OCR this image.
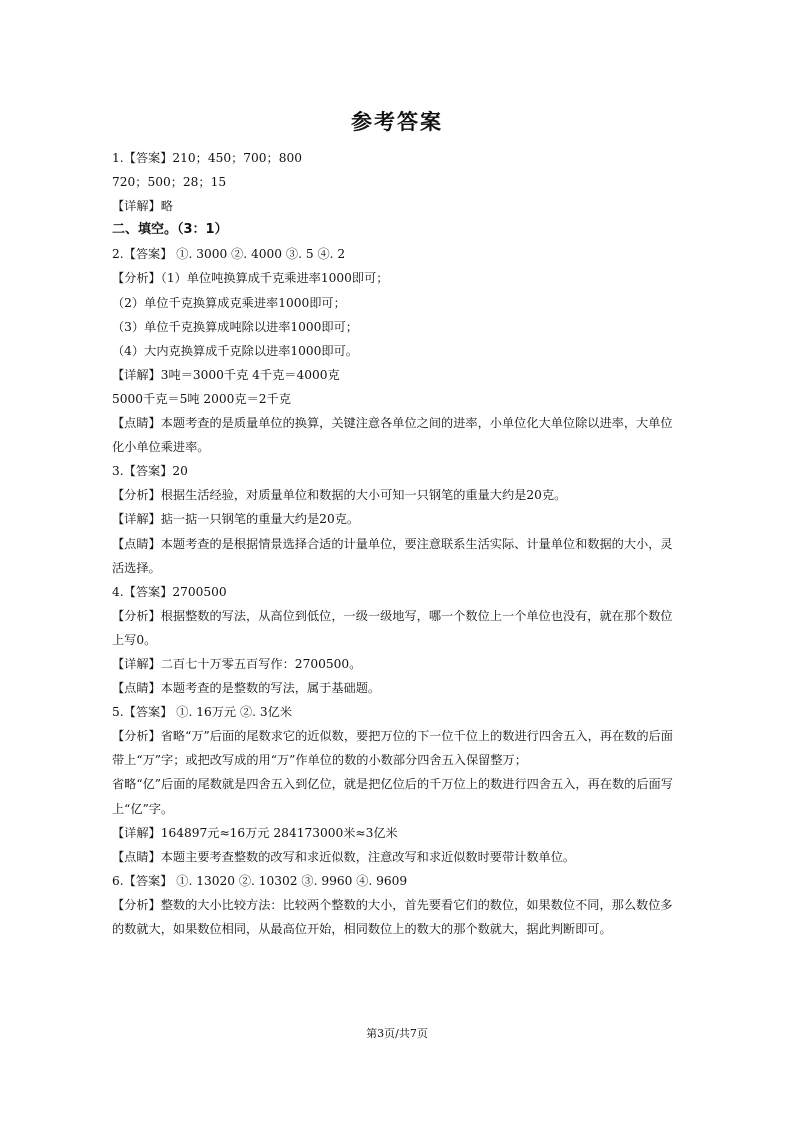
参考答案
1.【答案】210；450；700；800
720；500；28；15
【详解】略
二、填空。（3：1）
2.【答案】 ①. 3000 ②. 4000 ③. 5 ④. 2
【分析】（1）单位吨换算成千克乘进率1000即可；
（2）单位千克换算成克乘进率1000即可；
（3）单位千克换算成吨除以进率1000即可；
（4）大内克换算成千克除以进率1000即可。
【详解】3吨＝3000千克 4千克＝4000克
5000千克＝5吨 2000克＝2千克
【点睛】本题考查的是质量单位的换算，关键注意各单位之间的进率，小单位化大单位除以进率，大单位
化小单位乘进率。
3.【答案】20
【分析】根据生活经验，对质量单位和数据的大小可知一只钢笔的重量大约是20克。
【详解】掂一掂一只钢笔的重量大约是20克。
【点睛】本题考查的是根据情景选择合适的计量单位，要注意联系生活实际、计量单位和数据的大小，灵
活选择。
4.【答案】2700500
【分析】根据整数的写法，从高位到低位，一级一级地写，哪一个数位上一个单位也没有，就在那个数位
上写0。
【详解】二百七十万零五百写作：2700500。
【点睛】本题考查的是整数的写法，属于基础题。
5.【答案】 ①. 16万元 ②. 3亿米
【分析】省略“万”后面的尾数求它的近似数，要把万位的下一位千位上的数进行四舍五入，再在数的后面
带上“万”字；或把改写成的用“万”作单位的数的小数部分四舍五入保留整万；
省略“亿”后面的尾数就是四舍五入到亿位，就是把亿位后的千万位上的数进行四舍五入，再在数的后面写
上“亿”字。
【详解】164897元≈16万元 284173000米≈3亿米
【点睛】本题主要考查整数的改写和求近似数，注意改写和求近似数时要带计数单位。
6.【答案】 ①. 13020 ②. 10302 ③. 9960 ④. 9609
【分析】整数的大小比较方法：比较两个整数的大小，首先要看它们的数位，如果数位不同，那么数位多
的数就大，如果数位相同，从最高位开始，相同数位上的数大的那个数就大，据此判断即可。
第3页/共7页
